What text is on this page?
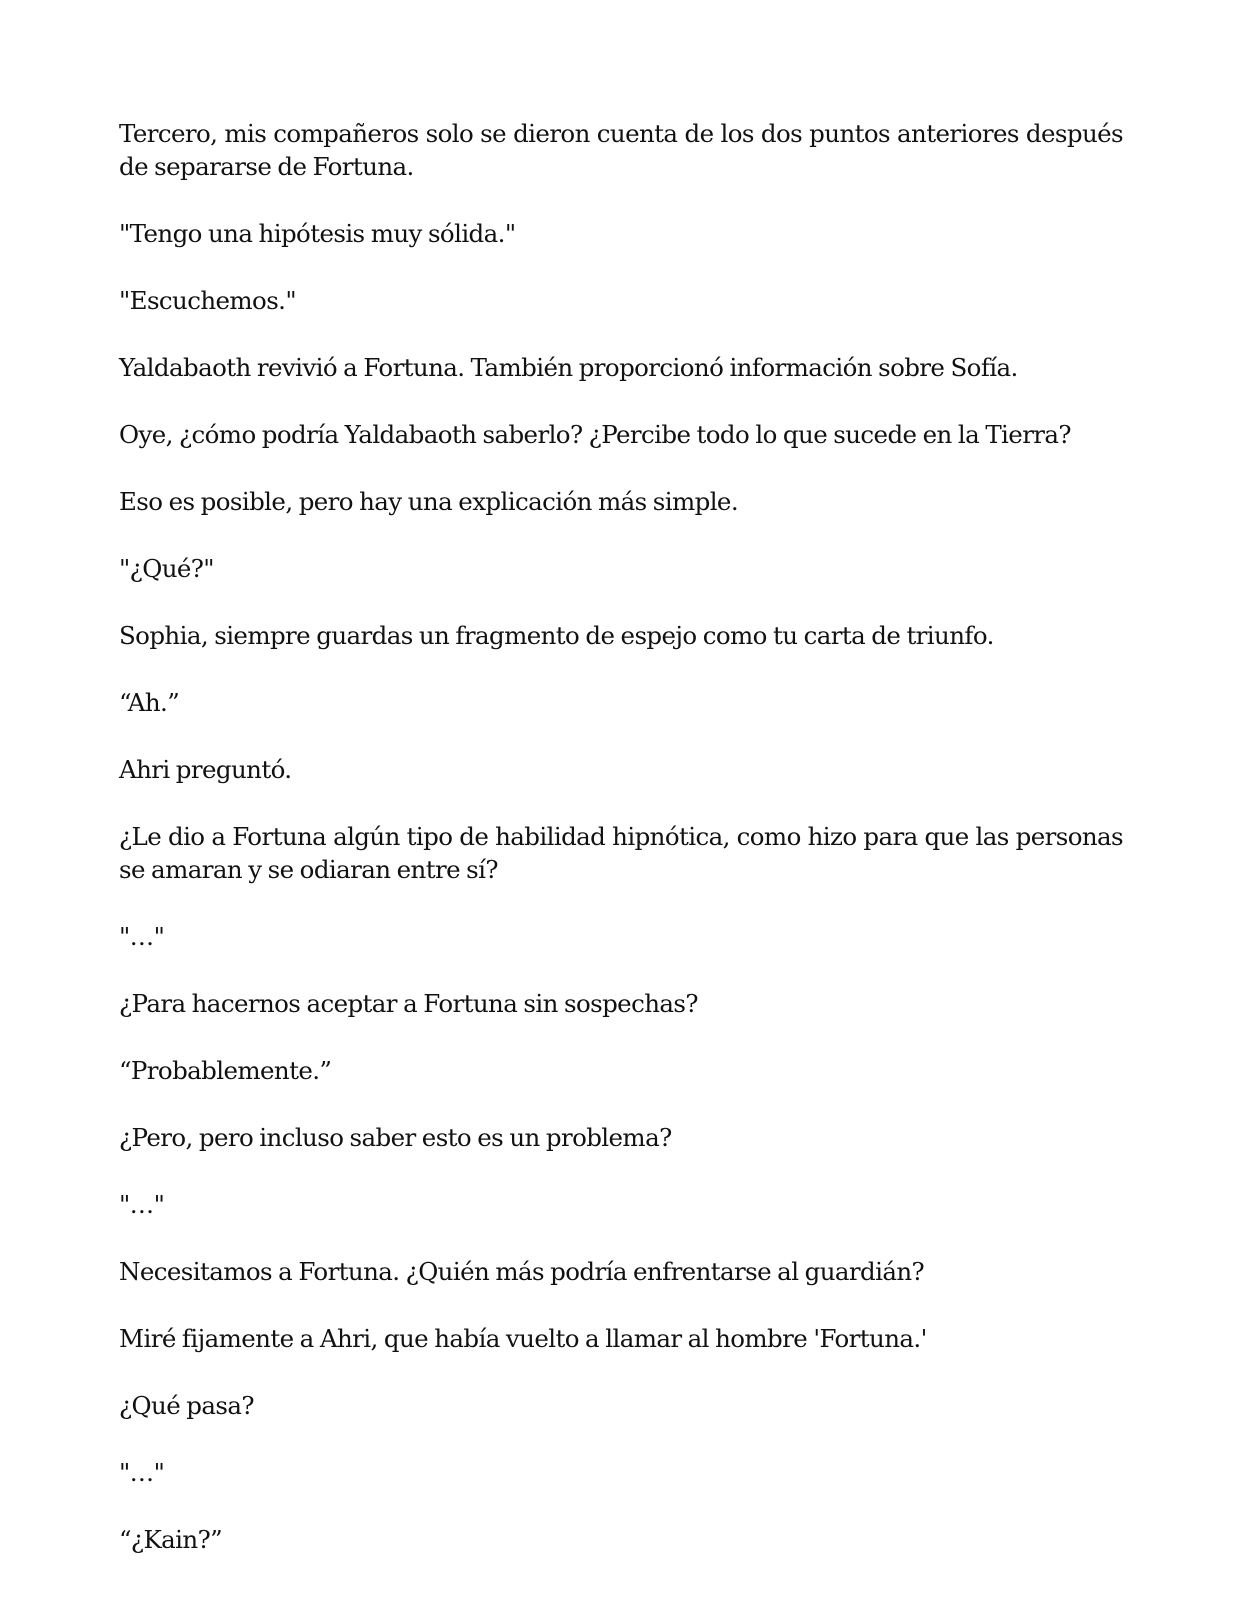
Tercero, mis compañeros solo se dieron cuenta de los dos puntos anteriores después de separarse de Fortuna.

"Tengo una hipótesis muy sólida."

"Escuchemos."

Yaldabaoth revivió a Fortuna. También proporcionó información sobre Sofía.

Oye, ¿cómo podría Yaldabaoth saberlo? ¿Percibe todo lo que sucede en la Tierra?

Eso es posible, pero hay una explicación más simple.

"¿Qué?"

Sophia, siempre guardas un fragmento de espejo como tu carta de triunfo.

“Ah.”

Ahri preguntó.

¿Le dio a Fortuna algún tipo de habilidad hipnótica, como hizo para que las personas se amaran y se odiaran entre sí?

"…"

¿Para hacernos aceptar a Fortuna sin sospechas?

“Probablemente.”

¿Pero, pero incluso saber esto es un problema?

"…"

Necesitamos a Fortuna. ¿Quién más podría enfrentarse al guardián?

Miré fijamente a Ahri, que había vuelto a llamar al hombre 'Fortuna.'

¿Qué pasa?

"…"

“¿Kain?”
